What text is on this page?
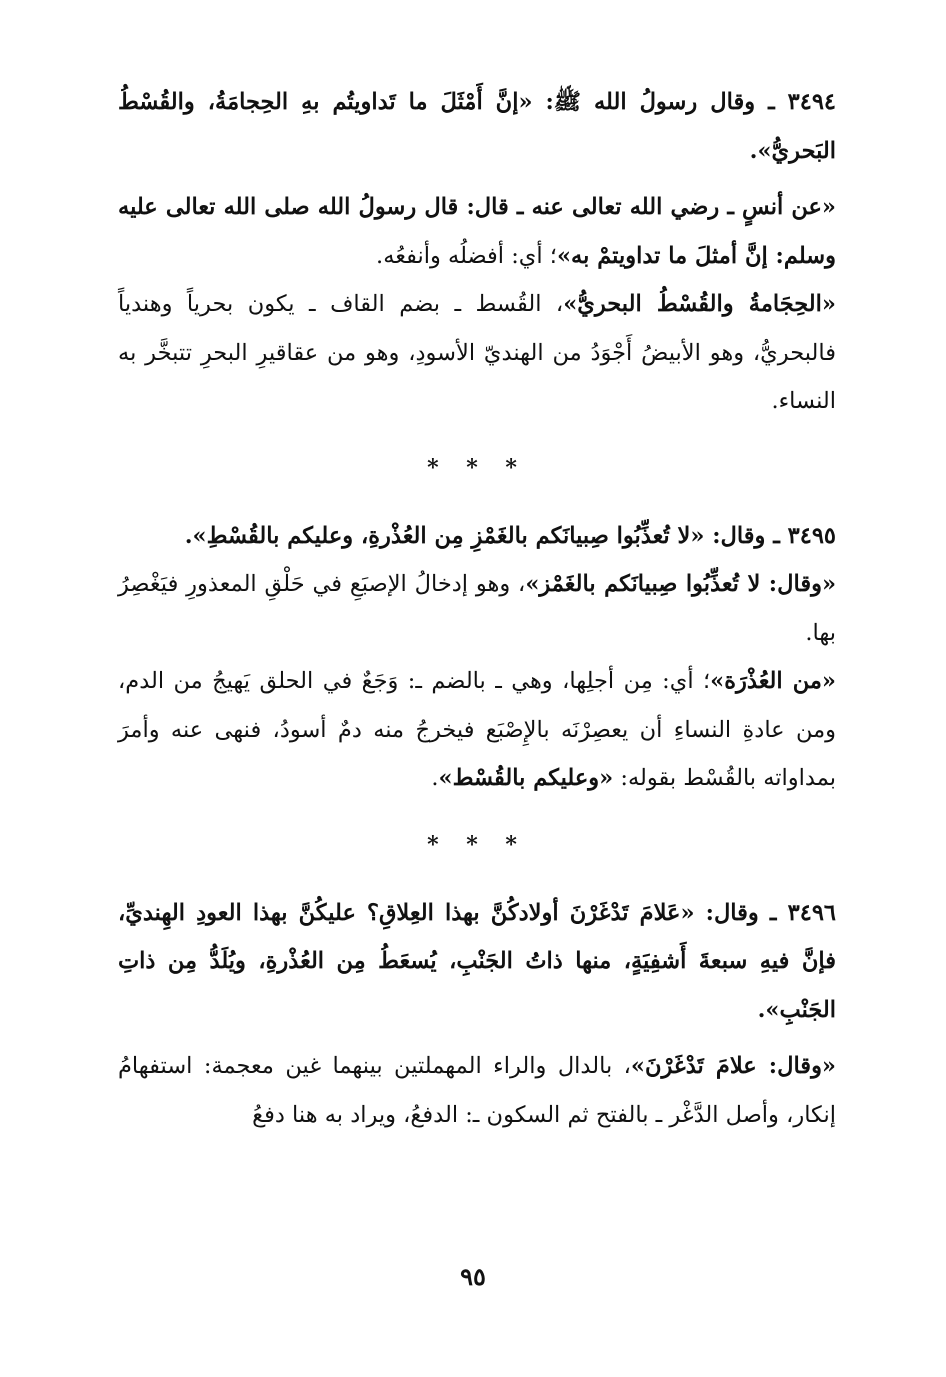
٣٤٩٤ ـ وقال رسولُ الله ﷺ: «إنَّ أَمْثَلَ ما تَداويتُم بهِ الحِجامَةُ، والقُسْطُ البَحريُّ».

«عن أنسٍ ـ رضي الله تعالى عنه ـ قال: قال رسولُ الله صلى الله تعالى عليه وسلم: إنَّ أمثلَ ما تداويتمْ به»؛ أي: أفضلُه وأنفعُه.

«الحِجَامةُ والقُسْطُ البحريُّ»، القُسط ـ بضم القاف ـ يكون بحرياً وهندياً فالبحريُّ، وهو الأبيضُ أَجْوَدُ من الهنديّ الأسودِ، وهو من عقاقيرِ البحرِ تتبخَّر به النساء.

* * *

٣٤٩٥ ـ وقال: «لا تُعذِّبُوا صِبيانَكم بالغَمْزِ مِن العُذْرةِ، وعليكم بالقُسْطِ».

«وقال: لا تُعذِّبُوا صِبيانَكم بالغَمْز»، وهو إدخالُ الإصبَعِ في حَلْقِ المعذورِ فيَغْصِرُ بها.

«من العُذْرَة»؛ أي: مِن أجلِها، وهي ـ بالضم ـ: وَجَعٌ في الحلق يَهيجُ من الدم، ومن عادةِ النساءِ أن يعصِرْنَه بالإِصْبَع فيخرجُ منه دمٌ أسودُ، فنهى عنه وأمرَ بمداواته بالقُسْط بقوله: «وعليكم بالقُسْط».

* * *

٣٤٩٦ ـ وقال: «عَلامَ تَدْغَرْنَ أولادكُنَّ بهذا العِلاقِ؟ عليكُنَّ بهذا العودِ الهِنديِّ، فإنَّ فيهِ سبعةَ أَشفِيَةٍ، منها ذاتُ الجَنْبِ، يُسعَطُ مِن العُذْرةِ، ويُلَدُّ مِن ذاتِ الجَنْبِ».

«وقال: علامَ تَدْغَرْنَ»، بالدال والراء المهملتين بينهما غين معجمة: استفهامُ إنكار، وأصل الدَّغْر ـ بالفتح ثم السكون ـ: الدفعُ، ويراد به هنا دفعُ

٩٥
